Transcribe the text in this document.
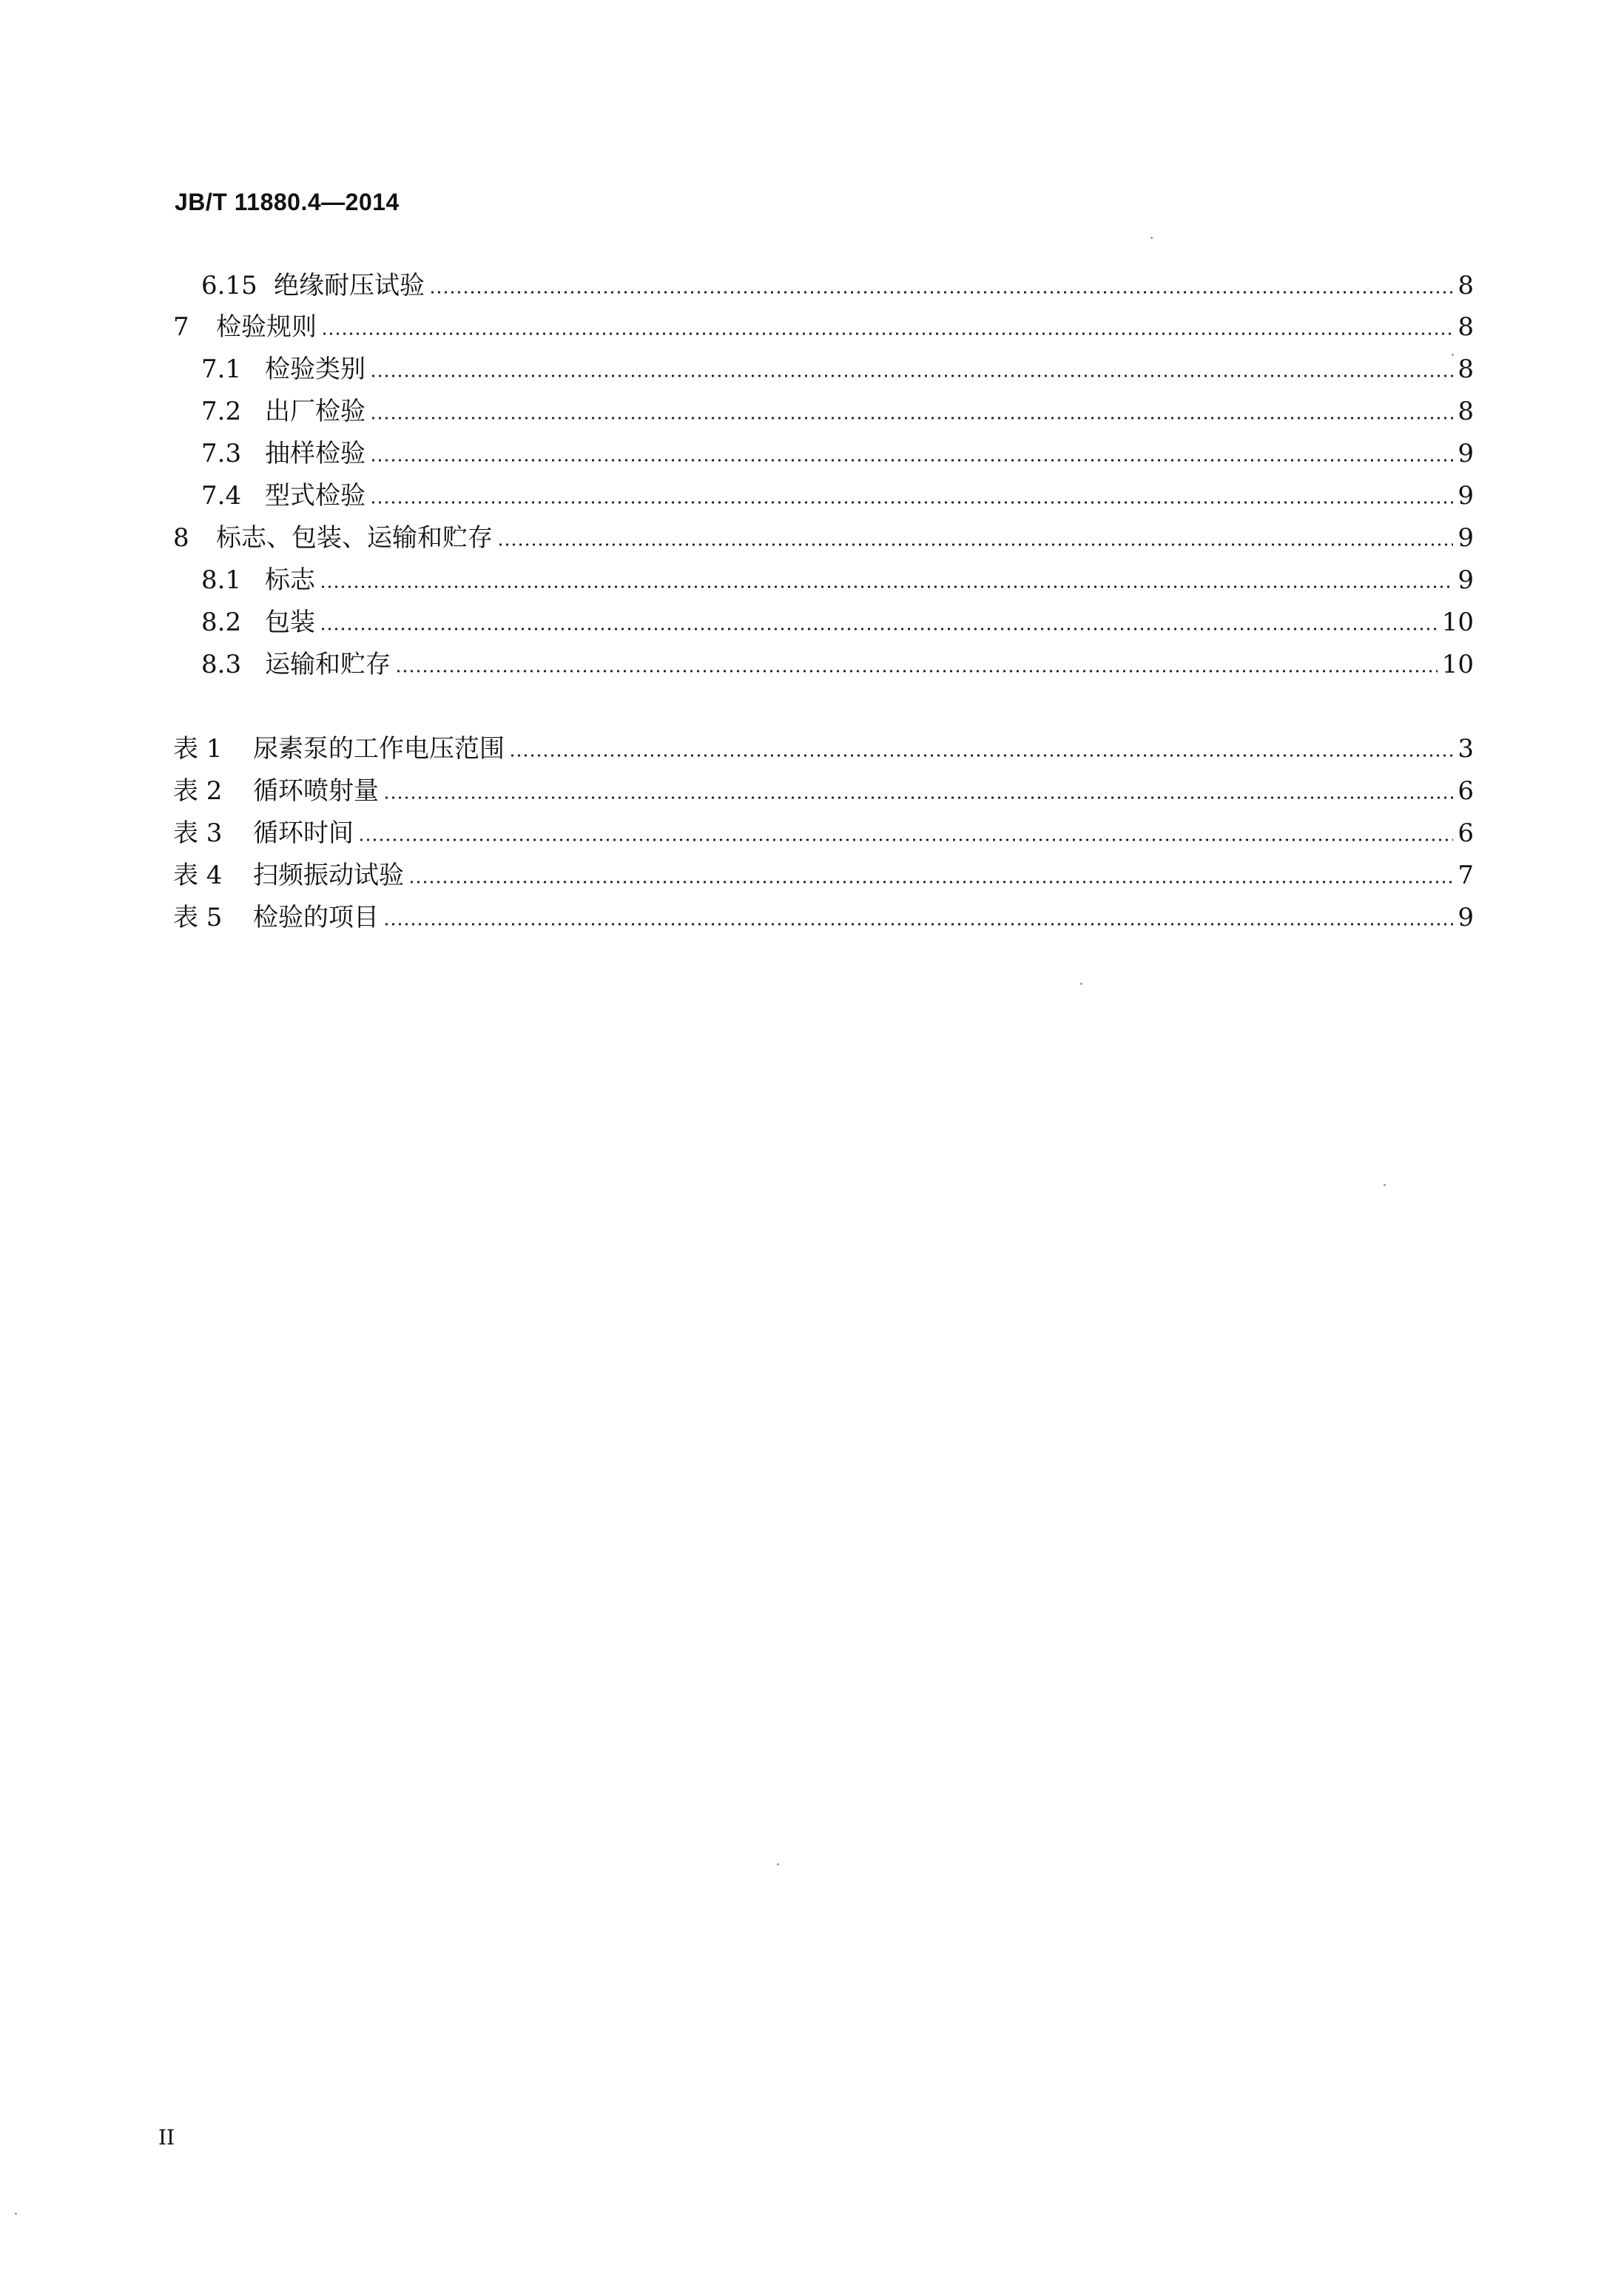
JB/T 11880.4—2014
6.15 绝缘耐压试验	8
7	检验规则	8
7.1 检验类别	8
7.2 出厂检验	8
7.3 抽样检验	9
7.4 型式检验	9
8	标志、包装、运输和贮存	9
8.1 标志	9
8.2 包装	10
8.3 运输和贮存	10
表 1	尿素泵的工作电压范围	3
表 2	循环喷射量	6
表 3	循环时间	6
表 4	扫频振动试验	7
表 5	检验的项目	9
II
